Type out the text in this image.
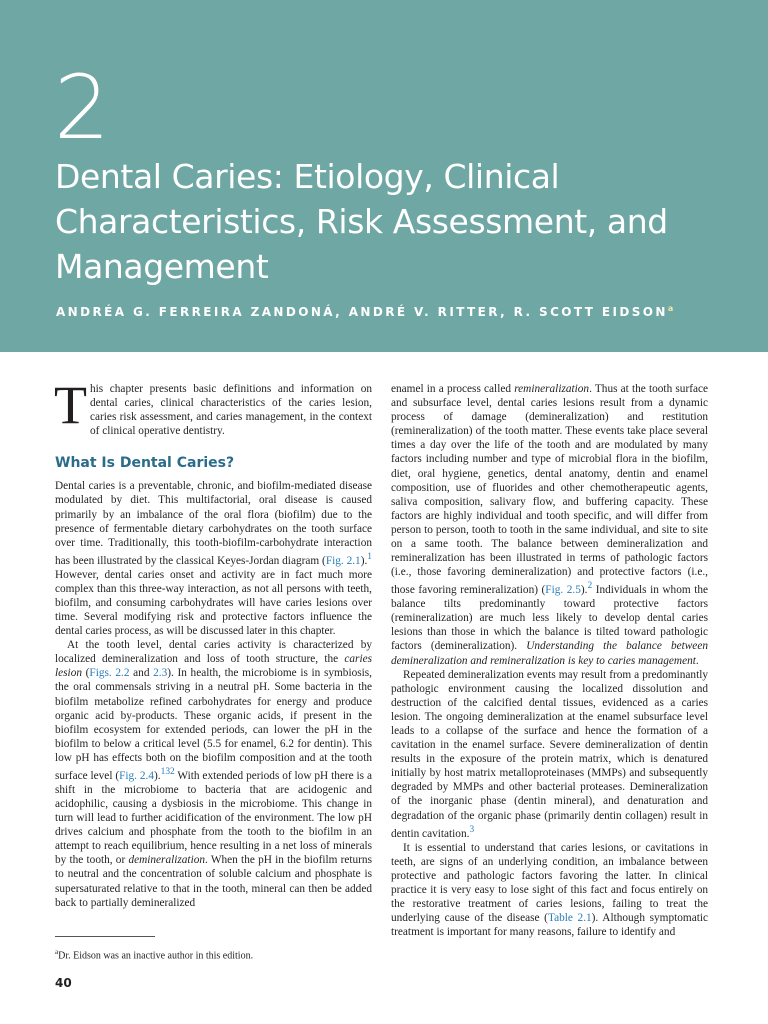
2
Dental Caries: Etiology, Clinical Characteristics, Risk Assessment, and Management

ANDRÉA G. FERREIRA ZANDONÁ, ANDRÉ V. RITTER, R. SCOTT EIDSON$^a$

This chapter presents basic definitions and information on dental caries, clinical characteristics of the caries lesion, caries risk assessment, and caries management, in the context of clinical operative dentistry.

What Is Dental Caries?

Dental caries is a preventable, chronic, and biofilm-mediated disease modulated by diet. This multifactorial, oral disease is caused primarily by an imbalance of the oral flora (biofilm) due to the presence of fermentable dietary carbohydrates on the tooth surface over time. Traditionally, this tooth-biofilm-carbohydrate interaction has been illustrated by the classical Keyes-Jordan diagram (Fig. 2.1).$^1$ However, dental caries onset and activity are in fact much more complex than this three-way interaction, as not all persons with teeth, biofilm, and consuming carbohydrates will have caries lesions over time. Several modifying risk and protective factors influence the dental caries process, as will be discussed later in this chapter.

At the tooth level, dental caries activity is characterized by localized demineralization and loss of tooth structure, the caries lesion (Figs. 2.2 and 2.3). In health, the microbiome is in symbiosis, the oral commensals striving in a neutral pH. Some bacteria in the biofilm metabolize refined carbohydrates for energy and produce organic acid by-products. These organic acids, if present in the biofilm ecosystem for extended periods, can lower the pH in the biofilm to below a critical level (5.5 for enamel, 6.2 for dentin). This low pH has effects both on the biofilm composition and at the tooth surface level (Fig. 2.4).$^{132}$ With extended periods of low pH there is a shift in the microbiome to bacteria that are acidogenic and acidophilic, causing a dysbiosis in the microbiome. This change in turn will lead to further acidification of the environment. The low pH drives calcium and phosphate from the tooth to the biofilm in an attempt to reach equilibrium, hence resulting in a net loss of minerals by the tooth, or demineralization. When the pH in the biofilm returns to neutral and the concentration of soluble calcium and phosphate is supersaturated relative to that in the tooth, mineral can then be added back to partially demineralized

enamel in a process called remineralization. Thus at the tooth surface and subsurface level, dental caries lesions result from a dynamic process of damage (demineralization) and restitution (remineralization) of the tooth matter. These events take place several times a day over the life of the tooth and are modulated by many factors including number and type of microbial flora in the biofilm, diet, oral hygiene, genetics, dental anatomy, dentin and enamel composition, use of fluorides and other chemotherapeutic agents, saliva composition, salivary flow, and buffering capacity. These factors are highly individual and tooth specific, and will differ from person to person, tooth to tooth in the same individual, and site to site on a same tooth. The balance between demineralization and remineralization has been illustrated in terms of pathologic factors (i.e., those favoring demineralization) and protective factors (i.e., those favoring remineralization) (Fig. 2.5).$^2$ Individuals in whom the balance tilts predominantly toward protective factors (remineralization) are much less likely to develop dental caries lesions than those in which the balance is tilted toward pathologic factors (demineralization). Understanding the balance between demineralization and remineralization is key to caries management.

Repeated demineralization events may result from a predominantly pathologic environment causing the localized dissolution and destruction of the calcified dental tissues, evidenced as a caries lesion. The ongoing demineralization at the enamel subsurface level leads to a collapse of the surface and hence the formation of a cavitation in the enamel surface. Severe demineralization of dentin results in the exposure of the protein matrix, which is denatured initially by host matrix metalloproteinases (MMPs) and subsequently degraded by MMPs and other bacterial proteases. Demineralization of the inorganic phase (dentin mineral), and denaturation and degradation of the organic phase (primarily dentin collagen) result in dentin cavitation.$^3$

It is essential to understand that caries lesions, or cavitations in teeth, are signs of an underlying condition, an imbalance between protective and pathologic factors favoring the latter. In clinical practice it is very easy to lose sight of this fact and focus entirely on the restorative treatment of caries lesions, failing to treat the underlying cause of the disease (Table 2.1). Although symptomatic treatment is important for many reasons, failure to identify and

$^a$Dr. Eidson was an inactive author in this edition.

40
